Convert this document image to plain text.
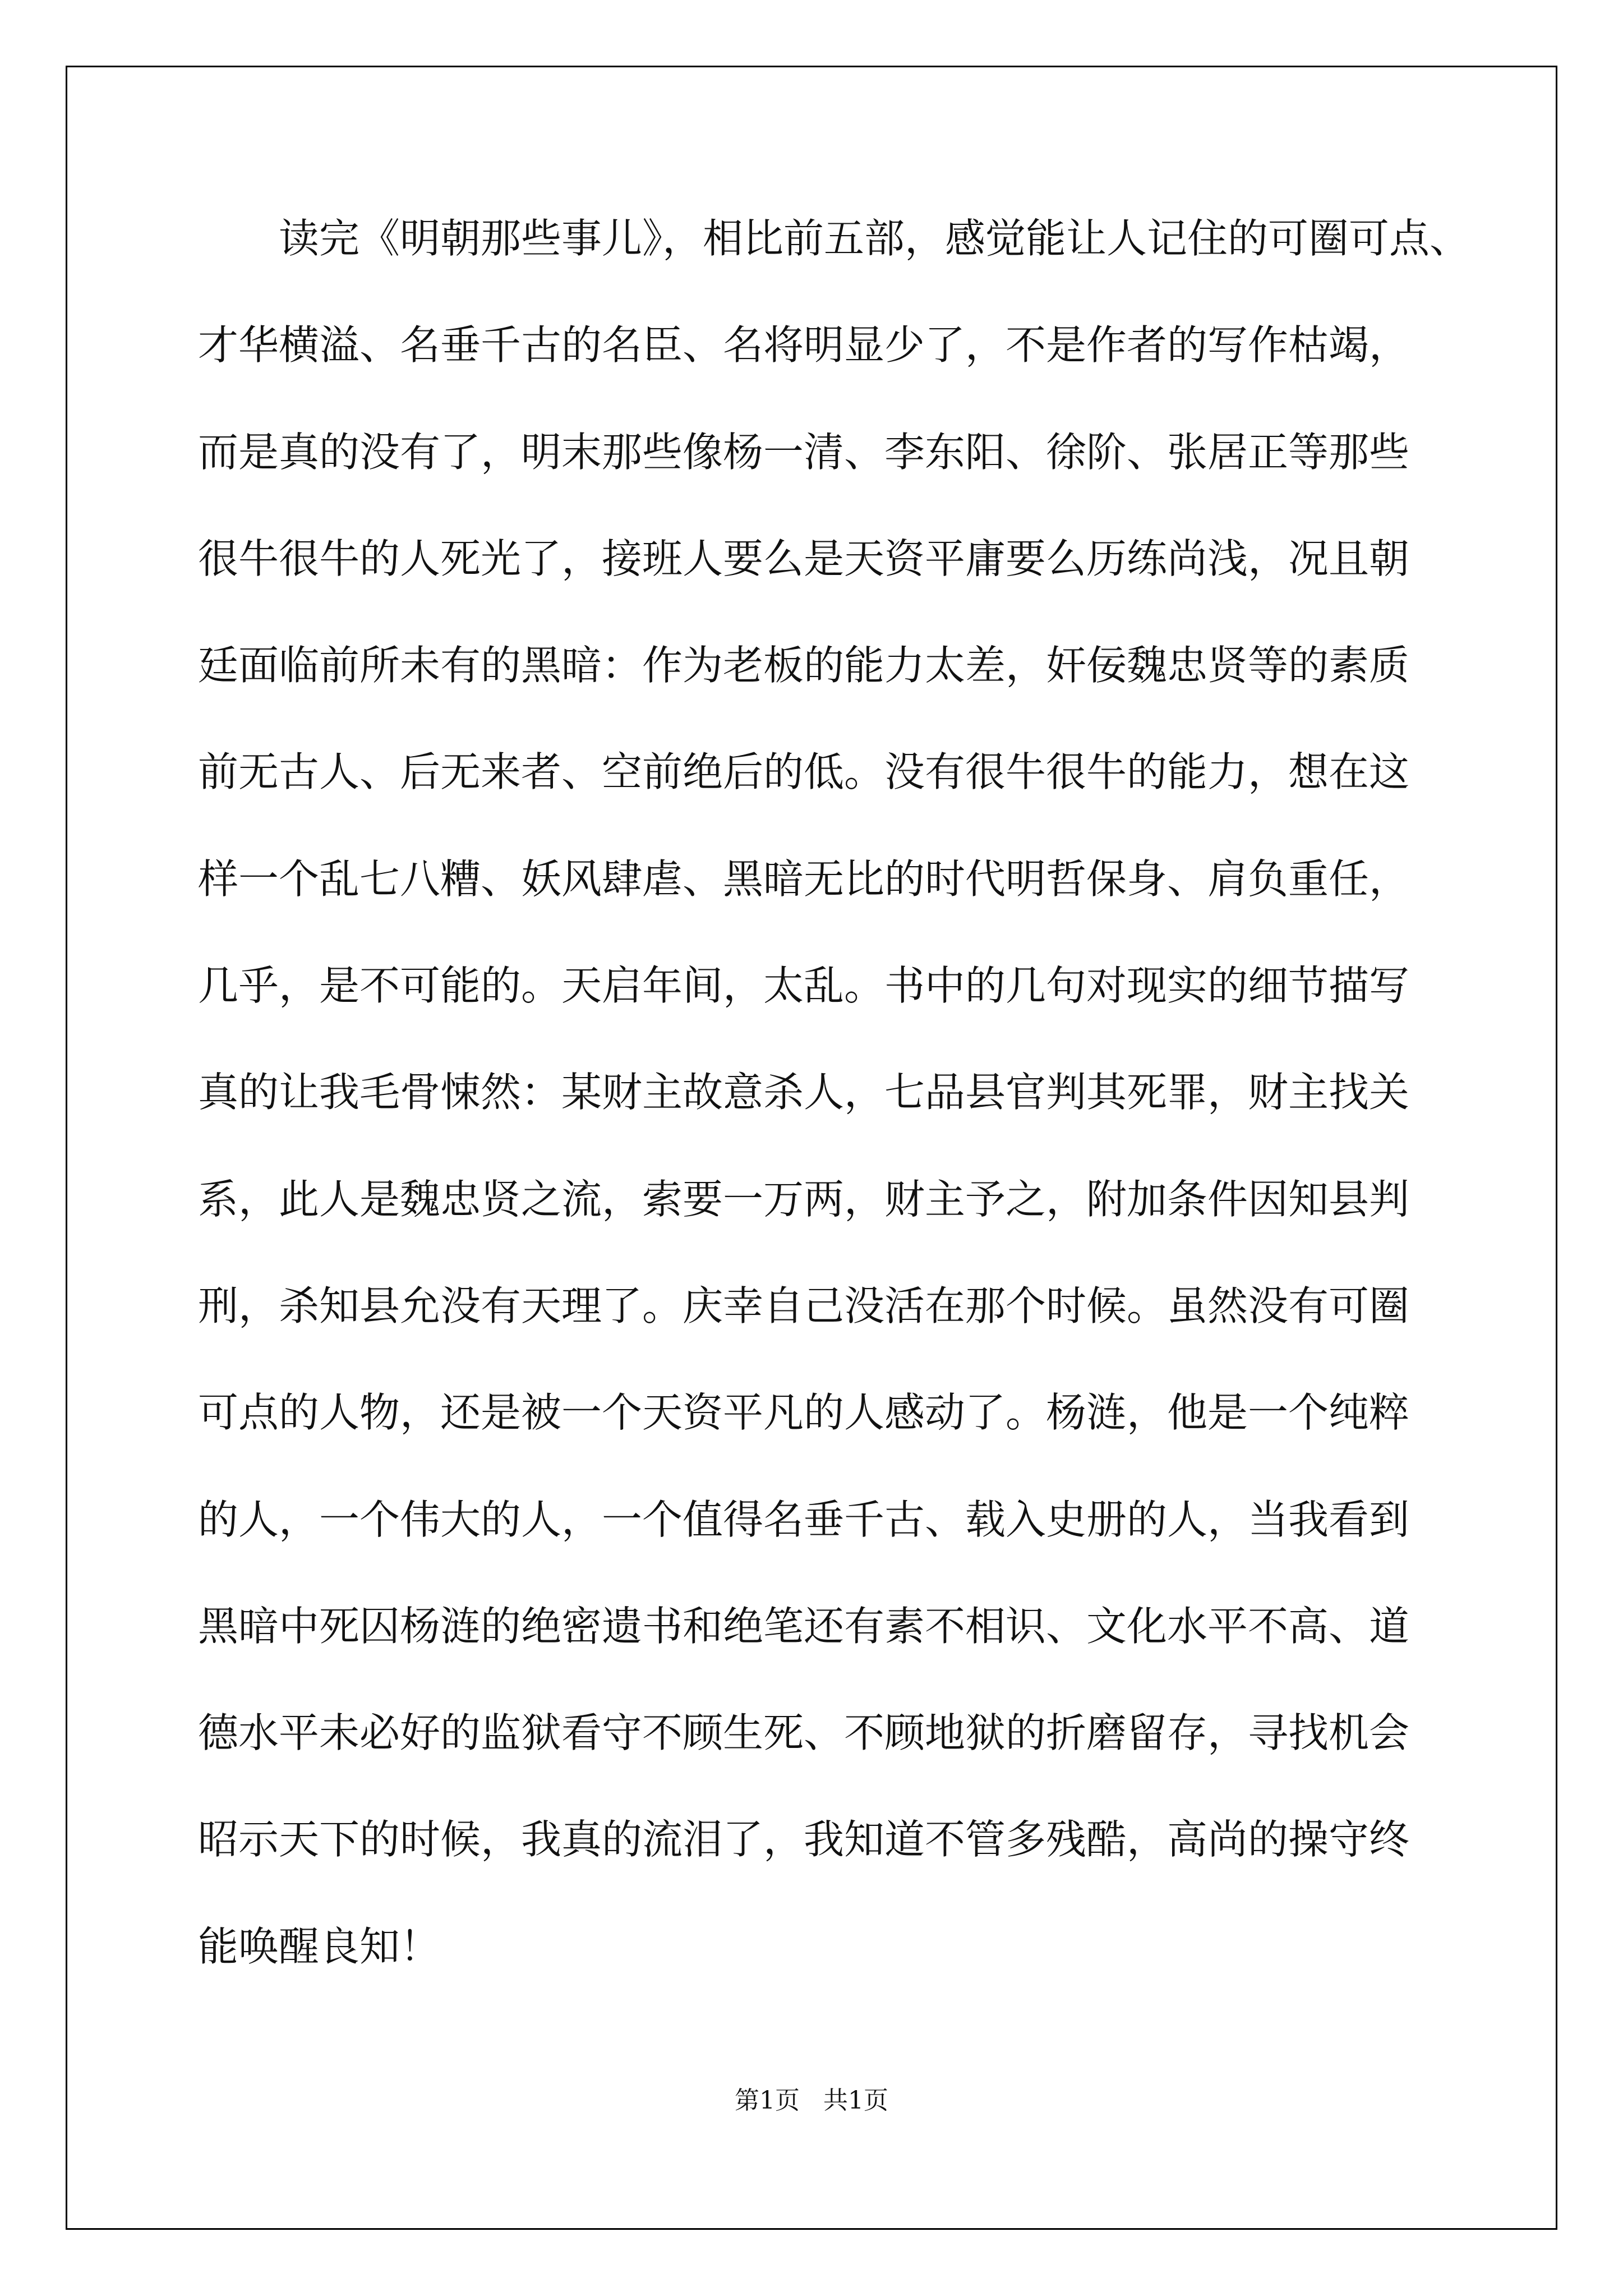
读完《明朝那些事儿》，相比前五部，感觉能让人记住的可圈可点、
才华横溢、名垂千古的名臣、名将明显少了，不是作者的写作枯竭，
而是真的没有了，明末那些像杨一清、李东阳、徐阶、张居正等那些
很牛很牛的人死光了，接班人要么是天资平庸要么历练尚浅，况且朝
廷面临前所未有的黑暗：作为老板的能力太差，奸佞魏忠贤等的素质
前无古人、后无来者、空前绝后的低。没有很牛很牛的能力，想在这
样一个乱七八糟、妖风肆虐、黑暗无比的时代明哲保身、肩负重任，
几乎，是不可能的。天启年间，太乱。书中的几句对现实的细节描写
真的让我毛骨悚然：某财主故意杀人，七品县官判其死罪，财主找关
系，此人是魏忠贤之流，索要一万两，财主予之，附加条件因知县判
刑，杀知县允没有天理了。庆幸自己没活在那个时候。虽然没有可圈
可点的人物，还是被一个天资平凡的人感动了。杨涟，他是一个纯粹
的人，一个伟大的人，一个值得名垂千古、载入史册的人，当我看到
黑暗中死囚杨涟的绝密遗书和绝笔还有素不相识、文化水平不高、道
德水平未必好的监狱看守不顾生死、不顾地狱的折磨留存，寻找机会
昭示天下的时候，我真的流泪了，我知道不管多残酷，高尚的操守终
能唤醒良知！
第1页   共1页
